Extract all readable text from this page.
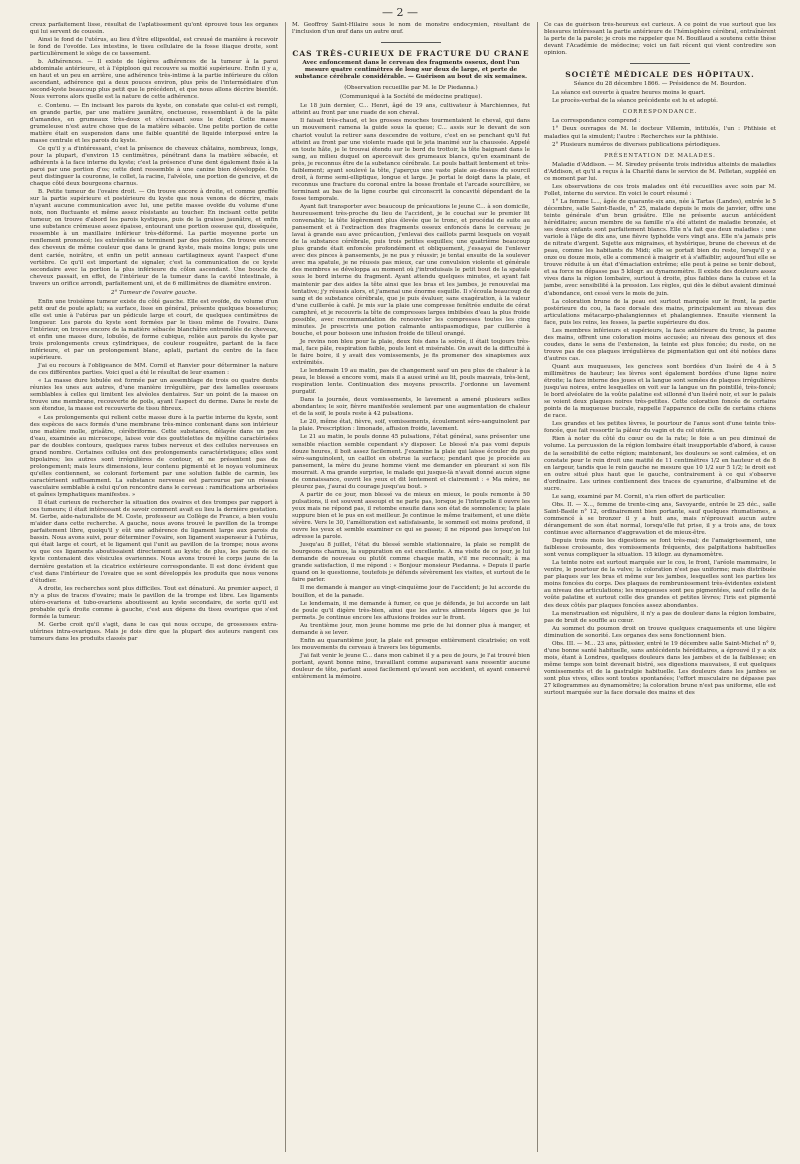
— 2 —

creux parfaitement lisse, résultat de l'aplatissement qu'ont éprouvé tous les organes qui lui servent de coussin.

Ainsi le fond de l'utérus, au lieu d'être ellipsoïdal, est creusé de manière à recevoir le fond de l'ovoïde. Les intestins, le tissu cellulaire de la fosse iliaque droite, sont particulièrement le siège de ce tassement.

b. Adhérences. — Il existe de légères adhérences de la tumeur à la paroi abdominale antérieure, et à l'épiploon qui recouvre sa moitié supérieure. Enfin il y a, en haut et un peu en arrière, une adhérence très-intime à la partie inférieure du côlon ascendant, adhérence qui a deux pouces environ, plus près de l'intermédiaire d'un second-kyste beaucoup plus petit que le précédent, et que nous allons décrire bientôt. Nous verrons alors quelle est la nature de cette adhérence.

c. Contenu. — En incisant les parois du kyste, on constate que celui-ci est rempli, en grande partie, par une matière jaunâtre, onctueuse, ressemblant à de la pâte d'amandes, en grumeaux très-doux et s'écrasant sous le doigt. Cette masse grumeleuse n'est autre chose que de la matière sébacée. Une petite portion de cette matière était en suspension dans une faible quantité de liquide interposé entre la masse centrale et les parois du kyste.

Ce qu'il y a d'intéressant, c'est la présence de cheveux châtains, nombreux, longs, pour la plupart, d'environ 15 centimètres, pénétrant dans la matière sébacée, et adhérents à la face interne du kyste; c'est la présence d'une dent également fixée à la paroi par une portion d'os; cette dent ressemble à une canine bien développée. On peut distinguer la couronne, le collet, la racine, l'alvéole, une portion de gencive, et de chaque côté deux bourgeons charnus.

B. Petite tumeur de l'ovaire droit. — On trouve encore à droite, et comme greffée sur la partie supérieure et postérieure du kyste que nous venons de décrire, mais n'ayant aucune communication avec lui, une petite masse ovoïde du volume d'une noix, non fluctuante et même assez résistante au toucher. En incisant cette petite tumeur, on trouve d'abord les parois kystiques, puis de la graisse jaunâtre, et enfin une substance crémeuse assez épaisse, entourant une portion osseuse qui, disséquée, ressemble à un maxillaire inférieur très-déformé. La partie moyenne porte un renflement prononcé; les extrémités se terminent par des pointes. On trouve encore des cheveux de même couleur que dans le grand kyste, mais moins longs; puis une dent cariée, noirâtre, et enfin un petit anneau cartilagineux ayant l'aspect d'une vertèbre. Ce qu'il est important de signaler, c'est la communication de ce kyste secondaire avec la portion la plus inférieure du côlon ascendant. Une boucle de cheveux passait, en effet, de l'intérieur de la tumeur dans la cavité intestinale, à travers un orifice arrondi, parfaitement uni, et de 6 millimètres de diamètre environ.

2° Tumeur de l'ovaire gauche.

Enfin une troisième tumeur existe du côté gauche. Elle est ovoïde, du volume d'un petit œuf de poule aplati; sa surface, lisse en général, présente quelques bosselures; elle est unie à l'utérus par un pédicule large et court, de quelques centimètres de longueur. Les parois du kyste sont formées par le tissu même de l'ovaire. Dans l'intérieur, on trouve encore de la matière sébacée blanchâtre entremêlée de cheveux, et enfin une masse dure, lobulée, de forme cubique, reliée aux parois du kyste par trois prolongements creux cylindriques, de couleur rougeâtre, partant de la face inférieure, et par un prolongement blanc, aplati, partant du centre de la face supérieure.

J'ai eu recours à l'obligeance de MM. Cornil et Ranvier pour déterminer la nature de ces différentes parties. Voici quel a été le résultat de leur examen :

« La masse dure lobulée est formée par un assemblage de trois ou quatre dents réunies les unes aux autres, d'une manière irrégulière, par des lamelles osseuses semblables à celles qui limitent les alvéoles dentaires. Sur un point de la masse on trouve une membrane, recouverte de poils, ayant l'aspect du derme. Dans le reste de son étendue, la masse est recouverte de tissu fibreux.

« Les prolongements qui relient cette masse dure à la partie interne du kyste, sont des espèces de sacs formés d'une membrane très-mince contenant dans son intérieur une matière molle, grisâtre, cérébriforme. Cette substance, délayée dans un peu d'eau, examinée au microscope, laisse voir des gouttelettes de myéline caractérisées par de doubles contours, quelques rares tubes nerveux et des cellules nerveuses en grand nombre. Certaines cellules ont des prolongements caractéristiques; elles sont bipolaires; les autres sont irrégulières de contour, et ne présentent pas de prolongement; mais leurs dimensions, leur contenu pigmenté et le noyau volumineux qu'elles contiennent, se colorant fortement par une solution faible de carmin, les caractérisent suffisamment. La substance nerveuse est parcourue par un réseau vasculaire semblable à celui qu'on rencontre dans le cerveau : ramifications arborisées et gaînes lymphatiques manifestes. »

Il était curieux de rechercher la situation des ovaires et des trompes par rapport à ces tumeurs; il était intéressant de savoir comment avait eu lieu la dernière gestation. M. Gerbe, aide-naturaliste de M. Coste, professeur au Collège de France, a bien voulu m'aider dans cette recherche. A gauche, nous avons trouvé le pavillon de la trompe parfaitement libre, quoiqu'il y eût une adhérence du ligament large aux parois du bassin. Nous avons suivi, pour déterminer l'ovaire, son ligament suspenseur à l'utérus, qui était large et court, et le ligament qui l'unit au pavillon de la trompe; nous avons vu que ces ligaments aboutissaient directement au kyste; de plus, les parois de ce kyste contenaient des vésicules ovariennes. Nous avons trouvé le corps jaune de la dernière gestation et la cicatrice extérieure correspondante. Il est donc évident que c'est dans l'intérieur de l'ovaire que se sont développés les produits que nous venons d'étudier.

A droite, les recherches sont plus difficiles. Tout est dénaturé. Au premier aspect, il n'y a plus de traces d'ovaire; mais le pavillon de la trompe est libre. Les ligaments utéro-ovariens et tubo-ovariens aboutissent au kyste secondaire, de sorte qu'il est probable qu'à droite comme à gauche, c'est aux dépens du tissu ovarique que s'est formée la tumeur.

M. Gerbe croit qu'il s'agit, dans le cas qui nous occupe, de grossesses extra-utérines intra-ovariques. Mais je dois dire que la plupart des auteurs rangent ces tumeurs dans les produits classés par

M. Geoffroy Saint-Hilaire sous le nom de monstre endocymien, résultant de l'inclusion d'un œuf dans un autre œuf.

CAS TRÈS-CURIEUX DE FRACTURE DU CRANE
Avec enfoncement dans le cerveau des fragments osseux, dont l'un mesure quatre centimètres de long sur deux de large, et perte de substance cérébrale considérable. — Guérison au bout de six semaines.
(Observation recueillie par M. le Dr Piedanna.)
(Communiqué à la Société de médecine pratique).

Le 18 juin dernier, C... Henri, âgé de 19 ans, cultivateur à Marchiennes, fut atteint au front par une ruade de son cheval.

Il faisait très-chaud, et les grosses mouches tourmentaient le cheval, qui dans un mouvement ramena la guide sous la queue; C... assis sur le devant de son chariot voulut la retirer sans descendre de voiture, c'est en se penchant qu'il fut atteint au front par une violente ruade qui le jeta inanimé sur la chaussée. Appelé en toute hâte, je le trouvai étendu sur le bord du trottoir, la tête baignant dans le sang, au milieu duquel on apercevait des grumeaux blancs, qu'en examinant de près, je reconnus être de la substance cérébrale. Le pouls battait lentement et très-faiblement; ayant soulevé la tête, j'aperçus une vaste plaie au-dessus du sourcil droit, à forme semi-elliptique, longue et large. Je portai le doigt dans la plaie, et reconnus une fracture du coronal entre la bosse frontale et l'arcade sourcilière, se terminant au bas de la ligne courbe qui circonscrit la concavité dépendant de la fosse temporale.

Ayant fait transporter avec beaucoup de précautions le jeune C... à son domicile, heureusement très-proche du lieu de l'accident, je le couchai sur le premier lit convenable; la tête légèrement plus élevée que le tronc, et procédai de suite au pansement et à l'extraction des fragments osseux enfoncés dans le cerveau; je lavai à grande eau avec précaution, j'enlevai des caillots parmi lesquels on voyait de la substance cérébrale, puis trois petites esquilles; une quatrième beaucoup plus grande était enfoncée profondément et obliquement, j'essayai de l'enlever avec des pinces à pansements, je ne pus y réussir; je tentai ensuite de la soulever avec ma spatule, je ne réussis pas mieux, car une convulsion violente et générale des membres se développa au moment où j'introduisais le petit bout de la spatule sous le bord interne du fragment. Ayant attendu quelques minutes, et ayant fait maintenir par des aides la tête ainsi que les bras et les jambes, je renouvelai ma tentative; j'y réussis alors, et j'amenai une énorme esquille. Il s'écoula beaucoup de sang et de substance cérébrale, que je puis évaluer, sans exagération, à la valeur d'une cuillerée à café. Je mis sur la plaie une compresse fenêtrée enduite de cérat camphré, et je recouvris la tête de compresses larges imbibées d'eau la plus froide possible, avec recommandation de renouveler les compresses toutes les cinq minutes. Je prescrivis une potion calmante antispasmodique, par cuillerée à bouche, et pour boisson une infusion froide de tilleul orangé.

Je revins non bleu pour la plaie, deux fois dans la soirée, il était toujours très-mal, face pâle, respiration faible, pouls lent et misérable. On avait de la difficulté à le faire boire, il y avait des vomissements, je fis promener des sinapismes aux extrémités.

Le lendemain 19 au matin, pas de changement sauf un peu plus de chaleur à la peau, le blessé a encore vomi, mais il a aussi uriné au lit, pouls mauvais, très-lent, respiration lente. Continuation des moyens prescrits. J'ordonne un lavement purgatif.

Dans la journée, deux vomissements, le lavement a amené plusieurs selles abondantes; le soir, fièvre manifestée seulement par une augmentation de chaleur et de la soif, le pouls reste à 42 pulsations.

Le 20, même état, fièvre, soif, vomissements, écoulement séro-sanguinolent par la plaie. Prescription : limonade, affusion froide, lavement.

Le 21 au matin, le pouls donne 45 pulsations, l'état général, sans présenter une sensible réaction semble cependant s'y disposer. Le blessé n'a pas vomi depuis douze heures, il boit assez facilement. J'examine la plaie qui laisse écouler du pus séro-sanguinolent, un caillot en obstrue la surface; pendant que je procède au pansement, la mère du jeune homme vient me demander en pleurant si son fils mourrait. A ma grande surprise, le malade qui jusque-là n'avait donné aucun signe de connaissance, ouvrit les yeux et dit lentement et clairement : « Ma mère, ne pleurez pas, j'aurai du courage jusqu'au bout. »

A partir de ce jour, mon blessé va de mieux en mieux, le pouls remonte à 50 pulsations, il est souvent assoupi et ne parle pas, lorsque je l'interpelle il ouvre les yeux mais ne répond pas, il retombe ensuite dans son état de somnolence; la plaie suppure bien et le pus en est meilleur. Je continue le même traitement, et une diète sévère. Vers le 30, l'amélioration est satisfaisante, le sommeil est moins profond, il ouvre les yeux et semble examiner ce qui se passe; il ne répond pas lorsqu'on lui adresse la parole.

Jusqu'au 8 juillet, l'état du blessé semble stationnaire, la plaie se remplit de bourgeons charnus, la suppuration en est excellente. A ma visite de ce jour, je lui demande de nouveau ou plutôt comme chaque matin, s'il me reconnaît; à ma grande satisfaction, il me répond : « Bonjour monsieur Piedanna. » Depuis il parle quand on le questionne, toutefois je défends sévèrement les visites, et surtout de le faire parler.

Il me demande à manger au vingt-cinquième jour de l'accident; je lui accorde du bouillon, et de la panade.

Le lendemain, il me demande à fumer, ce que je défends, je lui accorde un lait de poule qu'il digère très-bien, ainsi que les autres aliments légers que je lui permets. Je continue encore les affusions froides sur le front.

Au trentième jour, mon jeune homme me prie de lui donner plus à manger, et demande à se lever.

Enfin au quarantième jour, la plaie est presque entièrement cicatrisée; on voit les mouvements du cerveau à travers les téguments.

J'ai fait venir le jeune C... dans mon cabinet il y a peu de jours, je l'ai trouvé bien portant, ayant bonne mine, travaillant comme auparavant sans ressentir aucune douleur de tête, parlant aussi facilement qu'avant son accident, et ayant conservé entièrement la mémoire.

Ce cas de guérison très-heureux est curieux. A ce point de vue surtout que les blessures intéressant la partie antérieure de l'hémisphère cérébral, entraînèrent la perte de la parole; je crois me rappeler que M. Bouillaud a soutenu cette thèse devant l'Académie de médecine; voici un fait récent qui vient contredire son opinion.

SOCIÉTÉ MÉDICALE DES HÔPITAUX.
Séance du 28 décembre 1866. — Présidence de M. Bourdon.

La séance est ouverte à quatre heures moins le quart.

Le procès-verbal de la séance précédente est lu et adopté.

CORRESPONDANCE.

La correspondance comprend :

1° Deux ouvrages de M. le docteur Villemin, intitulés, l'un : Phthisie et maladies qui la simulent; l'autre : Recherches sur la phthisie.

2° Plusieurs numéros de diverses publications périodiques.

PRÉSENTATION DE MALADES.

Maladie d'Addison. — M. Siredey présente trois individus atteints de maladies d'Addison, et qu'il a reçus à la Charité dans le service de M. Pelletan, suppléé en ce moment par lui.

Les observations de ces trois malades ont été recueillies avec soin par M. Follet, interne du service. En voici le court résumé :

1° La femme L..., âgée de quarante-six ans, née à Tartas (Landes), entrée le 5 décembre, salle Saint-Basile, n° 25, malade depuis le mois de janvier, offre une teinte générale d'un brun grisâtre. Elle ne présente aucun antécédent héréditaire; aucun membre de sa famille n'a été atteint de maladie bronzée, et ses deux enfants sont parfaitement blancs. Elle n'a fait que deux maladies : une variole à l'âge de dix ans, une fièvre typhoïde vers vingt ans. Elle n'a jamais pris de nitrate d'argent. Sujette aux migraines, et hystérique, brune de cheveux et de peau, comme les habitants du Midi; elle se portait bien du reste, lorsqu'il y a onze ou douze mois, elle a commencé à maigrir et à s'affaiblir; aujourd'hui elle se trouve réduite à un état d'émaciation extrême; elle peut à peine se tenir debout, et sa force ne dépasse pas 5 kilogr. au dynamomètre. Il existe des douleurs assez vives dans la région lombaire, surtout à droite, plus faibles dans la cuisse et la jambe, avec sensibilité à la pression. Les règles, qui dès le début avaient diminué d'abondance, ont cessé vers le mois de juin.

La coloration brune de la peau est surtout marquée sur le front, la partie postérieure du cou, la face dorsale des mains, principalement au niveau des articulations métacarpo-phalangiennes et phalangiennes. Ensuite viennent la face, puis les reins, les fesses, la partie supérieure du dos.

Les membres inférieurs et supérieurs, la face antérieure du tronc, la paume des mains, offrent une coloration moins accusée; au niveau des genoux et des coudes, dans le sens de l'extension, la teinte est plus foncée; du reste, on ne trouve pas de ces plaques irrégulières de pigmentation qui ont été notées dans d'autres cas.

Quant aux muqueuses, les gencives sont bordées d'un liséré de 4 à 5 millimètres de hauteur; les lèvres sont également bordées d'une ligne noire étroite; la face interne des joues et la langue sont semées de plaques irrégulières jusqu'au noires, entre lesquelles on voit sur la langue un fin pointillé, très-foncé; le bord alvéolaire de la voûte palatine est sillonné d'un liséré noir, et sur le palais se voient deux plaques noires très-petites. Cette coloration foncée de certains points de la muqueuse buccale, rappelle l'apparence de celle de certains chiens de race.

Les grandes et les petites lèvres, le pourtour de l'anus sont d'une teinte très-foncée, que fait ressortir la pâleur du vagin et du col utérin.

Rien à noter du côté du cœur ou de la rate; le foie a un peu diminué de volume. La percussion de la région lombaire était insupportable d'abord, à cause de la sensibilité de cette région; maintenant, les douleurs se sont calmées, et on constate pour le rein droit une matité de 11 centimètres 1/2 en hauteur et de 8 en largeur, tandis que le rein gauche ne mesure que 10 1/2 sur 5 1/2; le droit est en outre situé plus haut que le gauche, contrairement à ce qui s'observe d'ordinaire. Les urines contiennent des traces de cyanurine, d'albumine et de sucre.

Le sang, examiné par M. Cornil, n'a rien offert de particulier.

Obs. II. — X..., femme de trente-cinq ans, Savoyarde, entrée le 25 déc., salle Saint-Basile n° 12, ordinairement bien portante, sauf quelques rhumatismes, a commencé à se bronzer il y a huit ans, mais n'éprouvait aucun autre dérangement de son état normal, lorsqu'elle fut prise, il y a trois ans, de toux continue avec alternance d'aggravation et de mieux-être.

Depuis trois mois les digestions se font très-mal; de l'amaigrissement, une faiblesse croissante, des vomissements fréquents, des palpitations habituelles sont venus compliquer la situation. 15 kilogr. au dynamomètre.

La teinte noire est surtout marquée sur le cou, le front, l'aréole mammaire, le ventre, le pourtour de la vulve; la coloration n'est pas uniforme; mais distribuée par plaques sur les bras et même sur les jambes, lesquelles sont les parties les moins foncées du corps. Des plaques de rembrunissement très-évidentes existent au niveau des articulations; les muqueuses sont peu pigmentées, sauf celle de la voûte palatine et surtout celle des grandes et petites lèvres; l'iris est pigmenté des deux côtés par plaques foncées assez abondantes.

La menstruation est régulière, il n'y a pas de douleur dans la région lombaire, pas de bruit de souffle au cœur.

Au sommet du poumon droit on trouve quelques craquements et une légère diminution de sonorité. Les organes des sens fonctionnent bien.

Obs. III. — M... 23 ans, pâtissier, entré le 19 décembre salle Saint-Michel n° 9, d'une bonne santé habituelle, sans antécédents héréditaires, a éprouvé il y a six mois, étant à Londres, quelques douleurs dans les jambes et de la faiblesse; en même temps son teint devenait bistré, ses digestions mauvaises, il eut quelques vomissements et de la gastralgie habituelle. Les douleurs dans les jambes se sont plus vives, elles sont toutes spontanées; l'effort musculaire ne dépasse pas 27 kilogrammes au dynamomètre; la coloration brune n'est pas uniforme, elle est surtout marquée sur la face dorsale des mains et des
